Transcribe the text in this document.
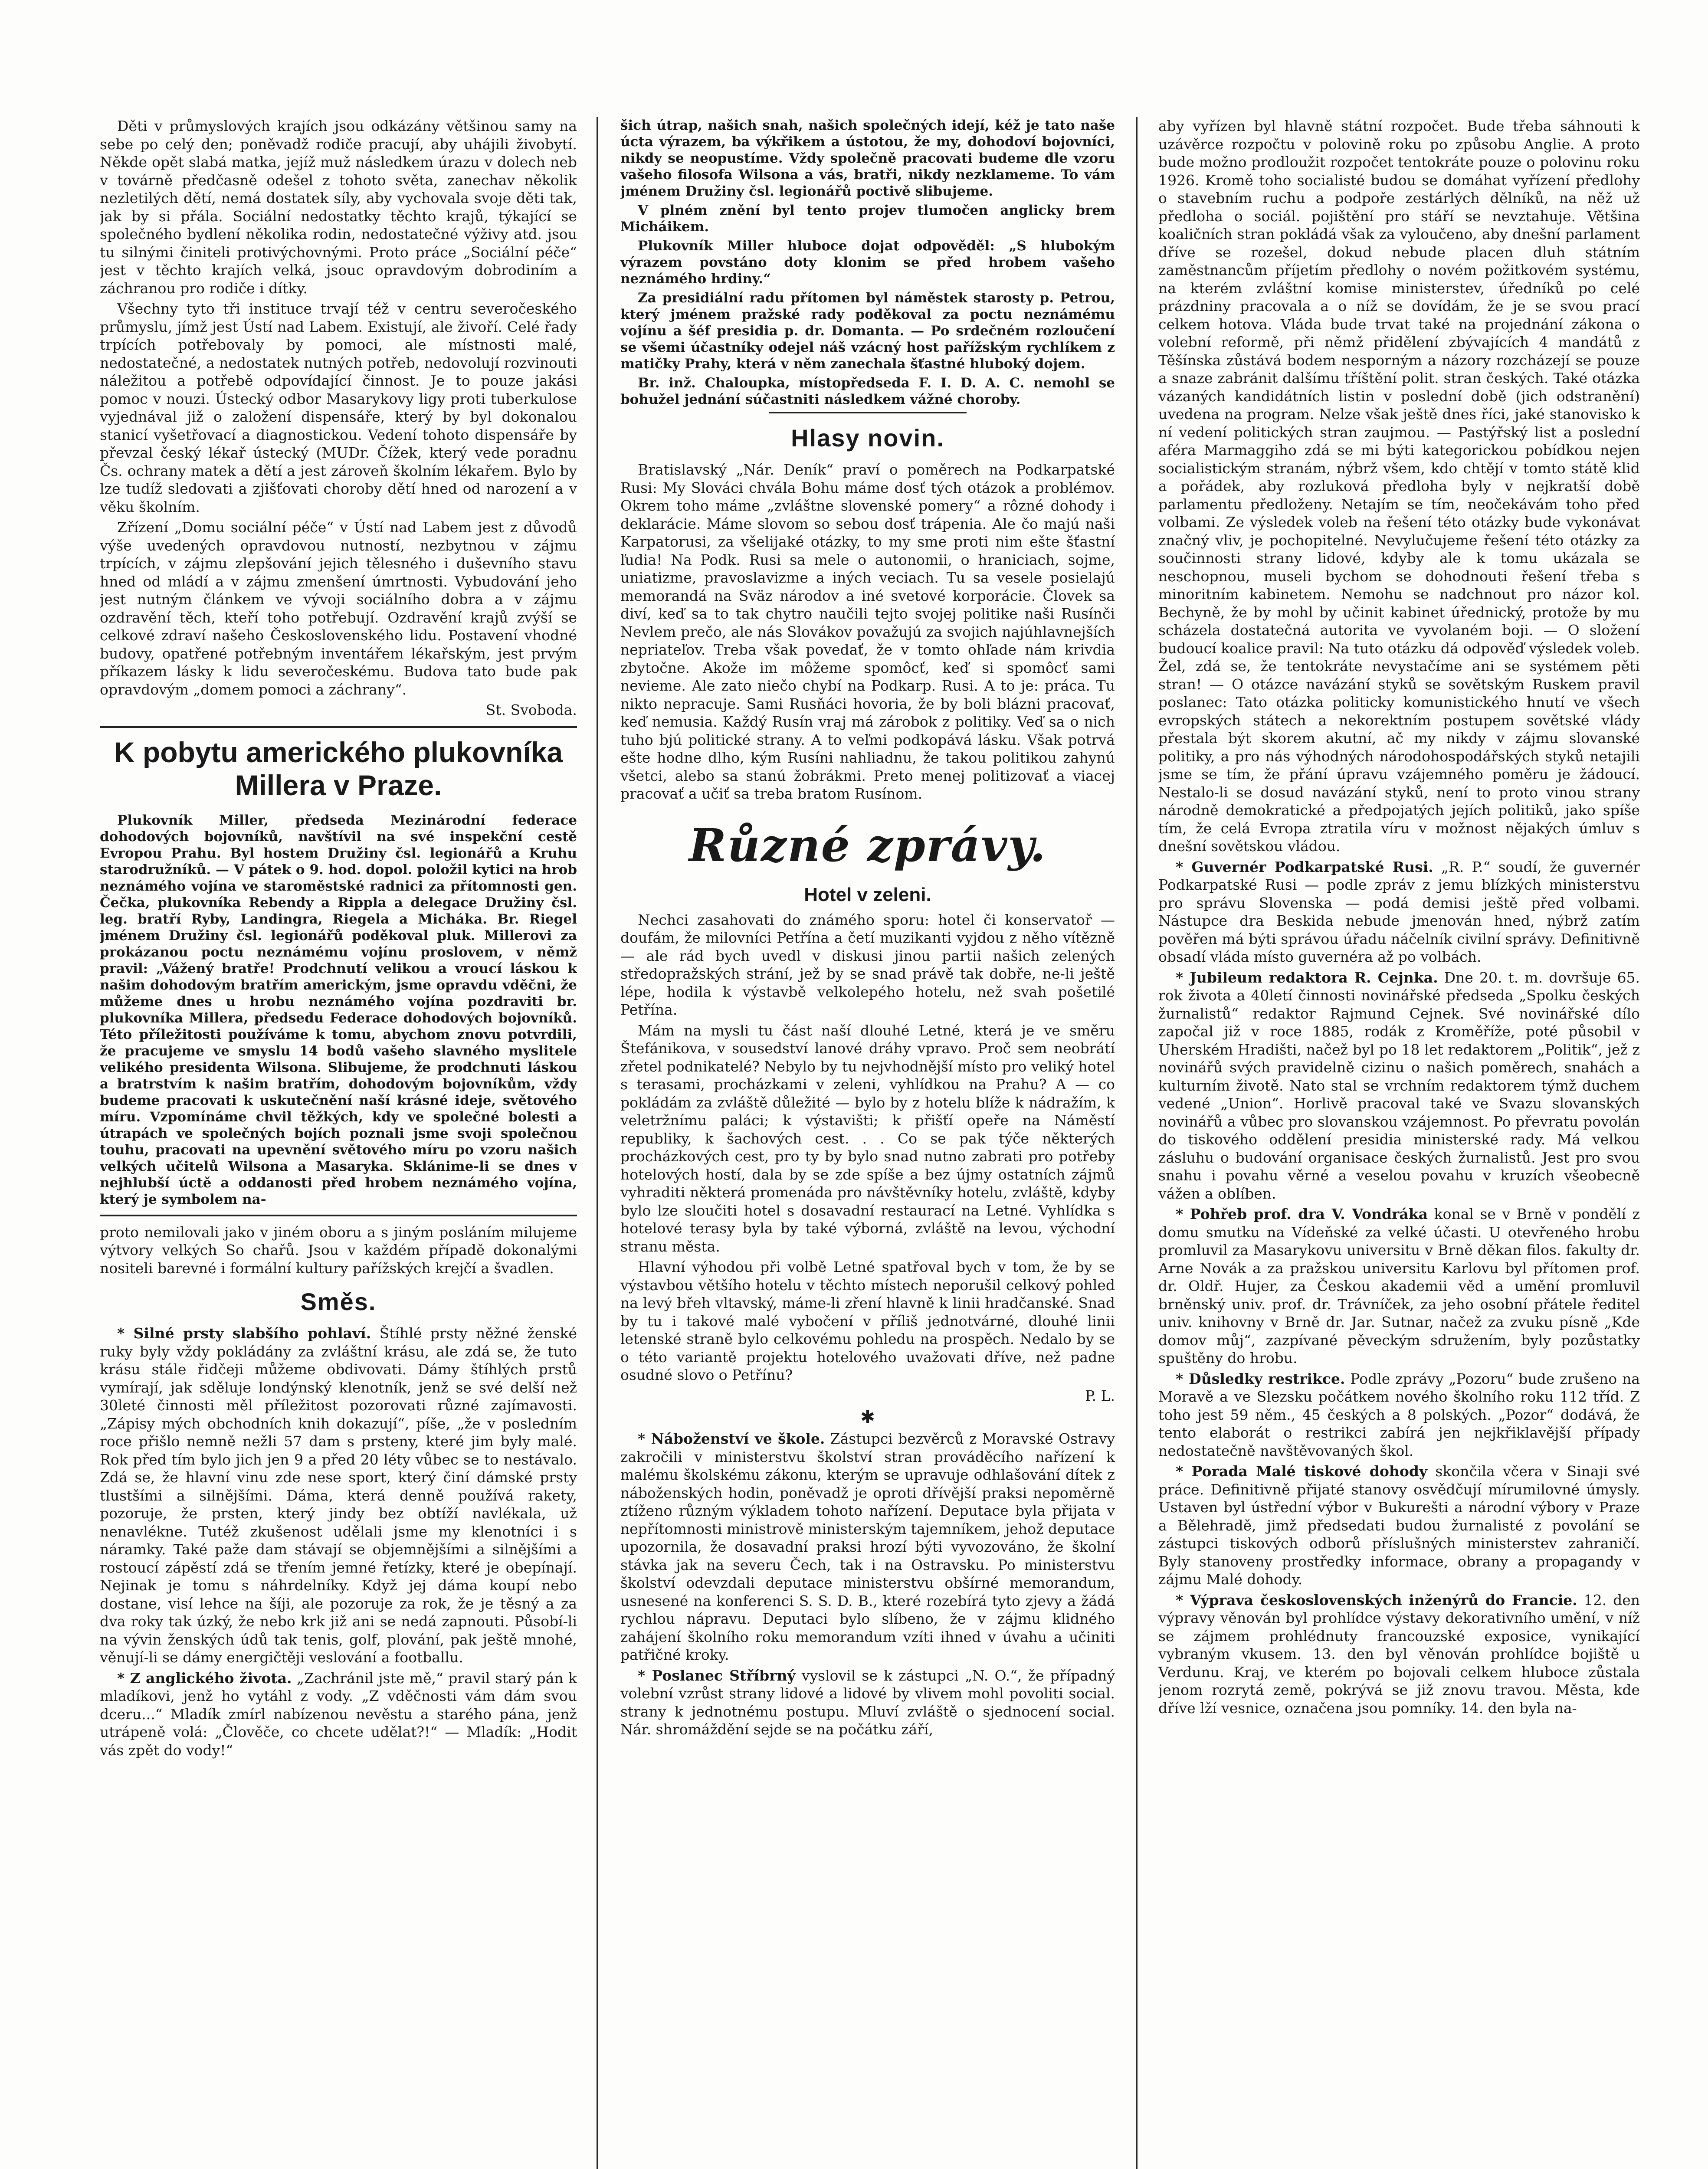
Děti v průmyslových krajích jsou odkázány většinou samy na sebe po celý den; poněvadž rodiče pracují, aby uhájili živobytí. Někde opět slabá matka, jejíž muž následkem úrazu v dolech neb v továrně předčasně odešel z tohoto světa, zanechav několik nezletilých dětí, nemá dostatek síly, aby vychovala svoje děti tak, jak by si přála. Sociální nedostatky těchto krajů, týkající se společného bydlení několika rodin, nedostatečné výživy atd. jsou tu silnými činiteli protivýchovnými. Proto práce „Sociální péče“ jest v těchto krajích velká, jsouc opravdovým dobrodiním a záchranou pro rodiče i dítky.

Všechny tyto tři instituce trvají též v centru severočeského průmyslu, jímž jest Ústí nad Labem. Existují, ale živoří. Celé řady trpících potřebovaly by pomoci, ale místnosti malé, nedostatečné, a nedostatek nutných potřeb, nedovolují rozvinouti náležitou a potřebě odpovídající činnost. Je to pouze jakási pomoc v nouzi. Ústecký odbor Masarykovy ligy proti tuberkulose vyjednával již o založení dispensáře, který by byl dokonalou stanicí vyšetřovací a diagnostickou. Vedení tohoto dispensáře by převzal český lékař ústecký (MUDr. Čížek, který vede poradnu Čs. ochrany matek a dětí a jest zároveň školním lékařem. Bylo by lze tudíž sledovati a zjišťovati choroby dětí hned od narození a v věku školním.

Zřízení „Domu sociální péče“ v Ústí nad Labem jest z důvodů výše uvedených opravdovou nutností, nezbytnou v zájmu trpících, v zájmu zlepšování jejich tělesného i duševního stavu hned od mládí a v zájmu zmenšení úmrtnosti. Vybudování jeho jest nutným článkem ve vývoji sociálního dobra a v zájmu ozdravění těch, kteří toho potřebují. Ozdravění krajů zvýší se celkové zdraví našeho Československého lidu. Postavení vhodné budovy, opatřené potřebným inventářem lékařským, jest prvým příkazem lásky k lidu severočeskému. Budova tato bude pak opravdovým „domem pomoci a záchrany“.

St. Svoboda.

K pobytu amerického plukovníka Millera v Praze.

Plukovník Miller, předseda Mezinárodní federace dohodových bojovníků, navštívil na své inspekční cestě Evropou Prahu. Byl hostem Družiny čsl. legionářů a Kruhu starodružníků. — V pátek o 9. hod. dopol. položil kytici na hrob neznámého vojína ve staroměstské radnici za přítomnosti gen. Čečka, plukovníka Rebendy a Rippla a delegace Družiny čsl. leg. bratří Ryby, Landingra, Riegela a Micháka. Br. Riegel jménem Družiny čsl. legionářů poděkoval pluk. Millerovi za prokázanou poctu neznámému vojínu proslovem, v němž pravil: „Vážený bratře! Prodchnutí velikou a vroucí láskou k našim dohodovým bratřím americkým, jsme opravdu vděčni, že můžeme dnes u hrobu neznámého vojína pozdraviti br. plukovníka Millera, předsedu Federace dohodových bojovníků. Této příležitosti používáme k tomu, abychom znovu potvrdili, že pracujeme ve smyslu 14 bodů vašeho slavného myslitele velikého presidenta Wilsona. Slibujeme, že prodchnuti láskou a bratrstvím k našim bratřím, dohodovým bojovníkům, vždy budeme pracovati k uskutečnění naší krásné ideje, světového míru. Vzpomínáme chvil těžkých, kdy ve společné bolesti a útrapách ve společných bojích poznali jsme svoji společnou touhu, pracovati na upevnění světového míru po vzoru našich velkých učitelů Wilsona a Masaryka. Sklánime-li se dnes v nejhlubší úctě a oddanosti před hrobem neznámého vojína, který je symbolem na-

proto nemilovali jako v jiném oboru a s jiným posláním milujeme výtvory velkých So chařů. Jsou v každém případě dokonalými nositeli barevné i formální kultury pařížských krejčí a švadlen.

Směs.

* Silné prsty slabšího pohlaví. Štíhlé prsty něžné ženské ruky byly vždy pokládány za zvláštní krásu, ale zdá se, že tuto krásu stále řidčeji můžeme obdivovati. Dámy štíhlých prstů vymírají, jak sděluje londýnský klenotník, jenž se své delší než 30leté činnosti měl příležitost pozorovati různé zajímavosti. „Zápisy mých obchodních knih dokazují“, píše, „že v posledním roce přišlo nemně nežli 57 dam s prsteny, které jim byly malé. Rok před tím bylo jich jen 9 a před 20 léty vůbec se to nestávalo. Zdá se, že hlavní vinu zde nese sport, který činí dámské prsty tlustšími a silnějšími. Dáma, která denně používá rakety, pozoruje, že prsten, který jindy bez obtíží navlékala, už nenavlékne. Tutéž zkušenost udělali jsme my klenotníci i s náramky. Také paže dam stávají se objemnějšími a silnějšími a rostoucí zápěstí zdá se třením jemné řetízky, které je obepínají. Nejinak je tomu s náhrdelníky. Když jej dáma koupí nebo dostane, visí lehce na šíji, ale pozoruje za rok, že je těsný a za dva roky tak úzký, že nebo krk již ani se nedá zapnouti. Působí-li na vývin ženských údů tak tenis, golf, plování, pak ještě mnohé, věnují-li se dámy energičtěji veslování a footballu.

* Z anglického života. „Zachránil jste mě,“ pravil starý pán k mladíkovi, jenž ho vytáhl z vody. „Z vděčnosti vám dám svou dceru...“ Mladík zmírl nabízenou nevěstu a starého pána, jenž utrápeně volá: „Člověče, co chcete udělat?!“ — Mladík: „Hodit vás zpět do vody!“

šich útrap, našich snah, našich společných idejí, kéž je tato naše úcta výrazem, ba výkřikem a ústotou, že my, dohodoví bojovníci, nikdy se neopustíme. Vždy společně pracovati budeme dle vzoru vašeho filosofa Wilsona a vás, bratři, nikdy nezklameme. To vám jménem Družiny čsl. legionářů poctivě slibujeme.

V plném znění byl tento projev tlumočen anglicky brem Micháikem.

Plukovník Miller hluboce dojat odpověděl: „S hlubokým výrazem povstáno doty klonim se před hrobem vašeho neznámého hrdiny.“

Za presidiální radu přítomen byl náměstek starosty p. Petrou, který jménem pražské rady poděkoval za poctu neznámému vojínu a šéf presidia p. dr. Domanta. — Po srdečném rozloučení se všemi účastníky odejel náš vzácný host pařížským rychlíkem z matičky Prahy, která v něm zanechala šťastné hluboký dojem.

Br. inž. Chaloupka, místopředseda F. I. D. A. C. nemohl se bohužel jednání súčastniti následkem vážné choroby.

Hlasy novin.

Bratislavský „Nár. Deník“ praví o poměrech na Podkarpatské Rusi: My Slováci chvála Bohu máme dosť tých otázok a problémov. Okrem toho máme „zvláštne slovenské pomery“ a rôzné dohody i deklarácie. Máme slovom so sebou dosť trápenia. Ale čo majú naši Karpatorusi, za všelijaké otázky, to my sme proti nim ešte šťastní ľudia! Na Podk. Rusi sa mele o autonomii, o hraniciach, sojme, uniatizme, pravoslavizme a iných veciach. Tu sa vesele posielajú memorandá na Sväz národov a iné svetové korporácie. Človek sa diví, keď sa to tak chytro naučili tejto svojej politike naši Rusínči Nevlem prečo, ale nás Slovákov považujú za svojich najúhlavnejších nepriateľov. Treba však povedať, že v tomto ohľade nám krivdia zbytočne. Akože im môžeme spomôcť, keď si spomôcť sami nevieme. Ale zato niečo chybí na Podkarp. Rusi. A to je: práca. Tu nikto nepracuje. Sami Rusňáci hovoria, že by boli blázni pracovať, keď nemusia. Každý Rusín vraj má zárobok z politiky. Veď sa o nich tuho bjú politické strany. A to veľmi podkopává lásku. Však potrvá ešte hodne dlho, kým Rusíni nahliadnu, že takou politikou zahynú všetci, alebo sa stanú žobrákmi. Preto menej politizovať a viacej pracovať a učiť sa treba bratom Rusínom.

Různé zprávy.
Hotel v zeleni.

Nechci zasahovati do známého sporu: hotel či konservatoř — doufám, že milovníci Petřína a četí muzikanti vyjdou z něho vítězně — ale rád bych uvedl v diskusi jinou partii našich zelených středopražských strání, jež by se snad právě tak dobře, ne-li ještě lépe, hodila k výstavbě velkolepého hotelu, než svah pošetilé Petřína.

Mám na mysli tu část naší dlouhé Letné, která je ve směru Štefánikova, v sousedství lanové dráhy vpravo. Proč sem neobrátí zřetel podnikatelé? Nebylo by tu nejvhodnější místo pro veliký hotel s terasami, procházkami v zeleni, vyhlídkou na Prahu? A — co pokládám za zvláště důležité — bylo by z hotelu blíže k nádražím, k veletržnímu paláci; k výstavišti; k přišťí opeře na Náměstí republiky, k šachových cest. . . Co se pak týče některých procházkových cest, pro ty by bylo snad nutno zabrati pro potřeby hotelových hostí, dala by se zde spíše a bez újmy ostatních zájmů vyhraditi některá promenáda pro návštěvníky hotelu, zvláště, kdyby bylo lze sloučiti hotel s dosavadní restaurací na Letné. Vyhlídka s hotelové terasy byla by také výborná, zvláště na levou, východní stranu města.

Hlavní výhodou při volbě Letné spatřoval bych v tom, že by se výstavbou většího hotelu v těchto místech neporušil celkový pohled na levý břeh vltavský, máme-li zření hlavně k linii hradčanské. Snad by tu i takové malé vybočení v příliš jednotvárné, dlouhé linii letenské straně bylo celkovému pohledu na prospěch. Nedalo by se o této variantě projektu hotelového uvažovati dříve, než padne osudné slovo o Petřínu?

P. L.

✱

* Náboženství ve škole. Zástupci bezvěrců z Moravské Ostravy zakročili v ministerstvu školství stran prováděcího nařízení k malému školskému zákonu, kterým se upravuje odhlašování dítek z náboženských hodin, poněvadž je oproti dřívější praksi nepoměrně ztíženo různým výkladem tohoto nařízení. Deputace byla přijata v nepřítomnosti ministrově ministerským tajemníkem, jehož deputace upozornila, že dosavadní praksi hrozí býti vyvozováno, že školní stávka jak na severu Čech, tak i na Ostravsku. Po ministerstvu školství odevzdali deputace ministerstvu obšírné memorandum, usnesené na konferenci S. S. D. B., které rozebírá tyto zjevy a žádá rychlou nápravu. Deputaci bylo slíbeno, že v zájmu klidného zahájení školního roku memorandum vzíti ihned v úvahu a učiniti patřičné kroky.

* Poslanec Stříbrný vyslovil se k zástupci „N. O.“, že případný volební vzrůst strany lidové a lidové by vlivem mohl povoliti social. strany k jednotnému postupu. Mluví zvláště o sjednocení social. Nár. shromáždění sejde se na počátku září,

aby vyřízen byl hlavně státní rozpočet. Bude třeba sáhnouti k uzávěrce rozpočtu v polovině roku po způsobu Anglie. A proto bude možno prodloužit rozpočet tentokráte pouze o polovinu roku 1926. Kromě toho socialisté budou se domáhat vyřízení předlohy o stavebním ruchu a podpoře zestárlých dělníků, na něž už předloha o sociál. pojištění pro stáří se nevztahuje. Většina koaličních stran pokládá však za vyloučeno, aby dnešní parlament dříve se rozešel, dokud nebude placen dluh státním zaměstnancům příjetím předlohy o novém požitkovém systému, na kterém zvláštní komise ministerstev, úředníků po celé prázdniny pracovala a o níž se dovídám, že je se svou prací celkem hotova. Vláda bude trvat také na projednání zákona o volební reformě, při němž přidělení zbývajících 4 mandátů z Těšínska zůstává bodem nesporným a názory rozcházejí se pouze a snaze zabránit dalšímu tříštění polit. stran českých. Také otázka vázaných kandidátních listin v poslední době (jich odstranění) uvedena na program. Nelze však ještě dnes říci, jaké stanovisko k ní vedení politických stran zaujmou. — Pastýřský list a poslední aféra Marmaggiho zdá se mi býti kategorickou pobídkou nejen socialistickým stranám, nýbrž všem, kdo chtějí v tomto státě klid a pořádek, aby rozluková předloha byly v nejkratší době parlamentu předloženy. Netajím se tím, neočekávám toho před volbami. Ze výsledek voleb na řešení této otázky bude vykonávat značný vliv, je pochopitelné. Nevylučujeme řešení této otázky za součinnosti strany lidové, kdyby ale k tomu ukázala se neschopnou, museli bychom se dohodnouti řešení třeba s minoritním kabinetem. Nemohu se nadchnout pro názor kol. Bechyně, že by mohl by učinit kabinet úřednický, protože by mu scházela dostatečná autorita ve vyvolaném boji. — O složení budoucí koalice pravil: Na tuto otázku dá odpověď výsledek voleb. Žel, zdá se, že tentokráte nevystačíme ani se systémem pěti stran! — O otázce navázání styků se sovětským Ruskem pravil poslanec: Tato otázka politicky komunistického hnutí ve všech evropských státech a nekorektním postupem sovětské vlády přestala být skorem akutní, ač my nikdy v zájmu slovanské politiky, a pro nás výhodných národohospodářských styků netajili jsme se tím, že přání úpravu vzájemného poměru je žádoucí. Nestalo-li se dosud navázání styků, není to proto vinou strany národně demokratické a předpojatých jejích politiků, jako spíše tím, že celá Evropa ztratila víru v možnost nějakých úmluv s dnešní sovětskou vládou.

* Guvernér Podkarpatské Rusi. „R. P.“ soudí, že guvernér Podkarpatské Rusi — podle zpráv z jemu blízkých ministerstvu pro správu Slovenska — podá demisi ještě před volbami. Nástupce dra Beskida nebude jmenován hned, nýbrž zatím pověřen má býti správou úřadu náčelník civilní správy. Definitivně obsadí vláda místo guvernéra až po volbách.

* Jubileum redaktora R. Cejnka. Dne 20. t. m. dovršuje 65. rok života a 40letí činnosti novinářské předseda „Spolku českých žurnalistů“ redaktor Rajmund Cejnek. Své novinářské dílo započal již v roce 1885, rodák z Kroměříže, poté působil v Uherském Hradišti, načež byl po 18 let redaktorem „Politik“, jež z novinářů svých pravidelně cizinu o našich poměrech, snahách a kulturním životě. Nato stal se vrchním redaktorem týmž duchem vedené „Union“. Horlivě pracoval také ve Svazu slovanských novinářů a vůbec pro slovanskou vzájemnost. Po převratu povolán do tiskového oddělení presidia ministerské rady. Má velkou zásluhu o budování organisace českých žurnalistů. Jest pro svou snahu i povahu věrné a veselou povahu v kruzích všeobecně vážen a oblíben.

* Pohřeb prof. dra V. Vondráka konal se v Brně v pondělí z domu smutku na Vídeňské za velké účasti. U otevřeného hrobu promluvil za Masarykovu universitu v Brně děkan filos. fakulty dr. Arne Novák a za pražskou universitu Karlovu byl přítomen prof. dr. Oldř. Hujer, za Českou akademii věd a umění promluvil brněnský univ. prof. dr. Trávníček, za jeho osobní přátele ředitel univ. knihovny v Brně dr. Jar. Sutnar, načež za zvuku písně „Kde domov můj“, zazpívané pěveckým sdružením, byly pozůstatky spuštěny do hrobu.

* Důsledky restrikce. Podle zprávy „Pozoru“ bude zrušeno na Moravě a ve Slezsku počátkem nového školního roku 112 tříd. Z toho jest 59 něm., 45 českých a 8 polských. „Pozor“ dodává, že tento elaborát o restrikci zabírá jen nejkřiklavější případy nedostatečně navštěvovaných škol.

* Porada Malé tiskové dohody skončila včera v Sinaji své práce. Definitivně přijaté stanovy osvědčují mírumilovné úmysly. Ustaven byl ústřední výbor v Bukurešti a národní výbory v Praze a Bělehradě, jimž předsedati budou žurnalisté z povolání se zástupci tiskových odborů příslušných ministerstev zahraničí. Byly stanoveny prostředky informace, obrany a propagandy v zájmu Malé dohody.

* Výprava československých inženýrů do Francie. 12. den výpravy věnován byl prohlídce výstavy dekorativního umění, v níž se zájmem prohlédnuty francouzské exposice, vynikající vybraným vkusem. 13. den byl věnován prohlídce bojiště u Verdunu. Kraj, ve kterém po bojovali celkem hluboce zůstala jenom rozrytá země, pokrývá se již znovu travou. Města, kde dříve lží vesnice, označena jsou pomníky. 14. den byla na-
